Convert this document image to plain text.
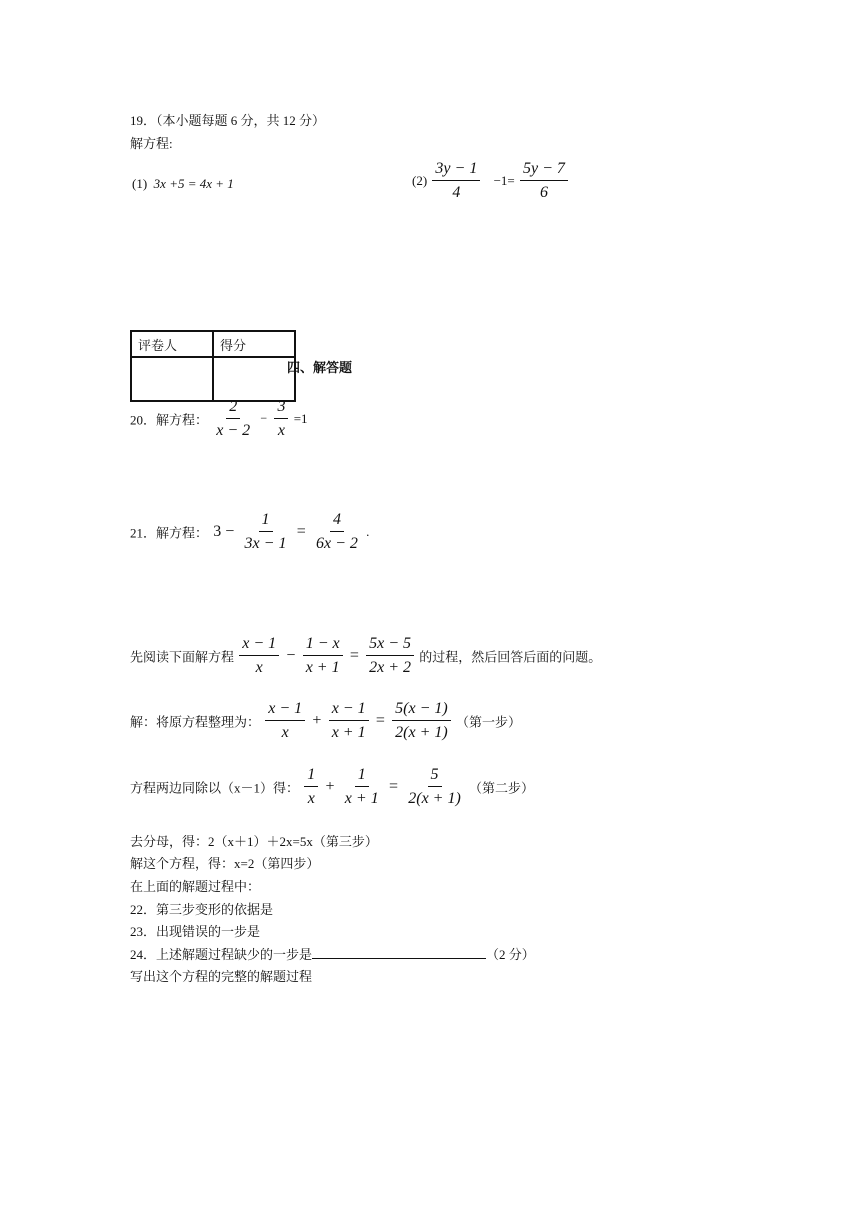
19．（本小题每题 6 分，共 12 分）
解方程:
(1) 3x +5 = 4x + 1	$(2) \frac{3y - 1}{4} -1= \frac{5y - 7}{6}$
评卷人	得分

四、解答题
20．解方程： $\frac{2}{x - 2} - \frac{3}{x} =1$
21．解方程： $3 - \frac{1}{3x - 1} = \frac{4}{6x - 2}$ .
先阅读下面解方程 $\frac{x - 1}{x} - \frac{1 - x}{x + 1} = \frac{5x - 5}{2x + 2}$ 的过程，然后回答后面的问题。
解：将原方程整理为： $\frac{x - 1}{x} + \frac{x - 1}{x + 1} = \frac{5(x - 1)}{2(x + 1)}$ （第一步）
方程两边同除以（x－1）得： $\frac{1}{x} + \frac{1}{x + 1} = \frac{5}{2(x + 1)}$ （第二步）
去分母，得：2（x＋1）＋2x=5x（第三步）
解这个方程，得：x=2（第四步）
在上面的解题过程中：
22．第三步变形的依据是
23．出现错误的一步是
24．上述解题过程缺少的一步是	（2 分）
写出这个方程的完整的解题过程
